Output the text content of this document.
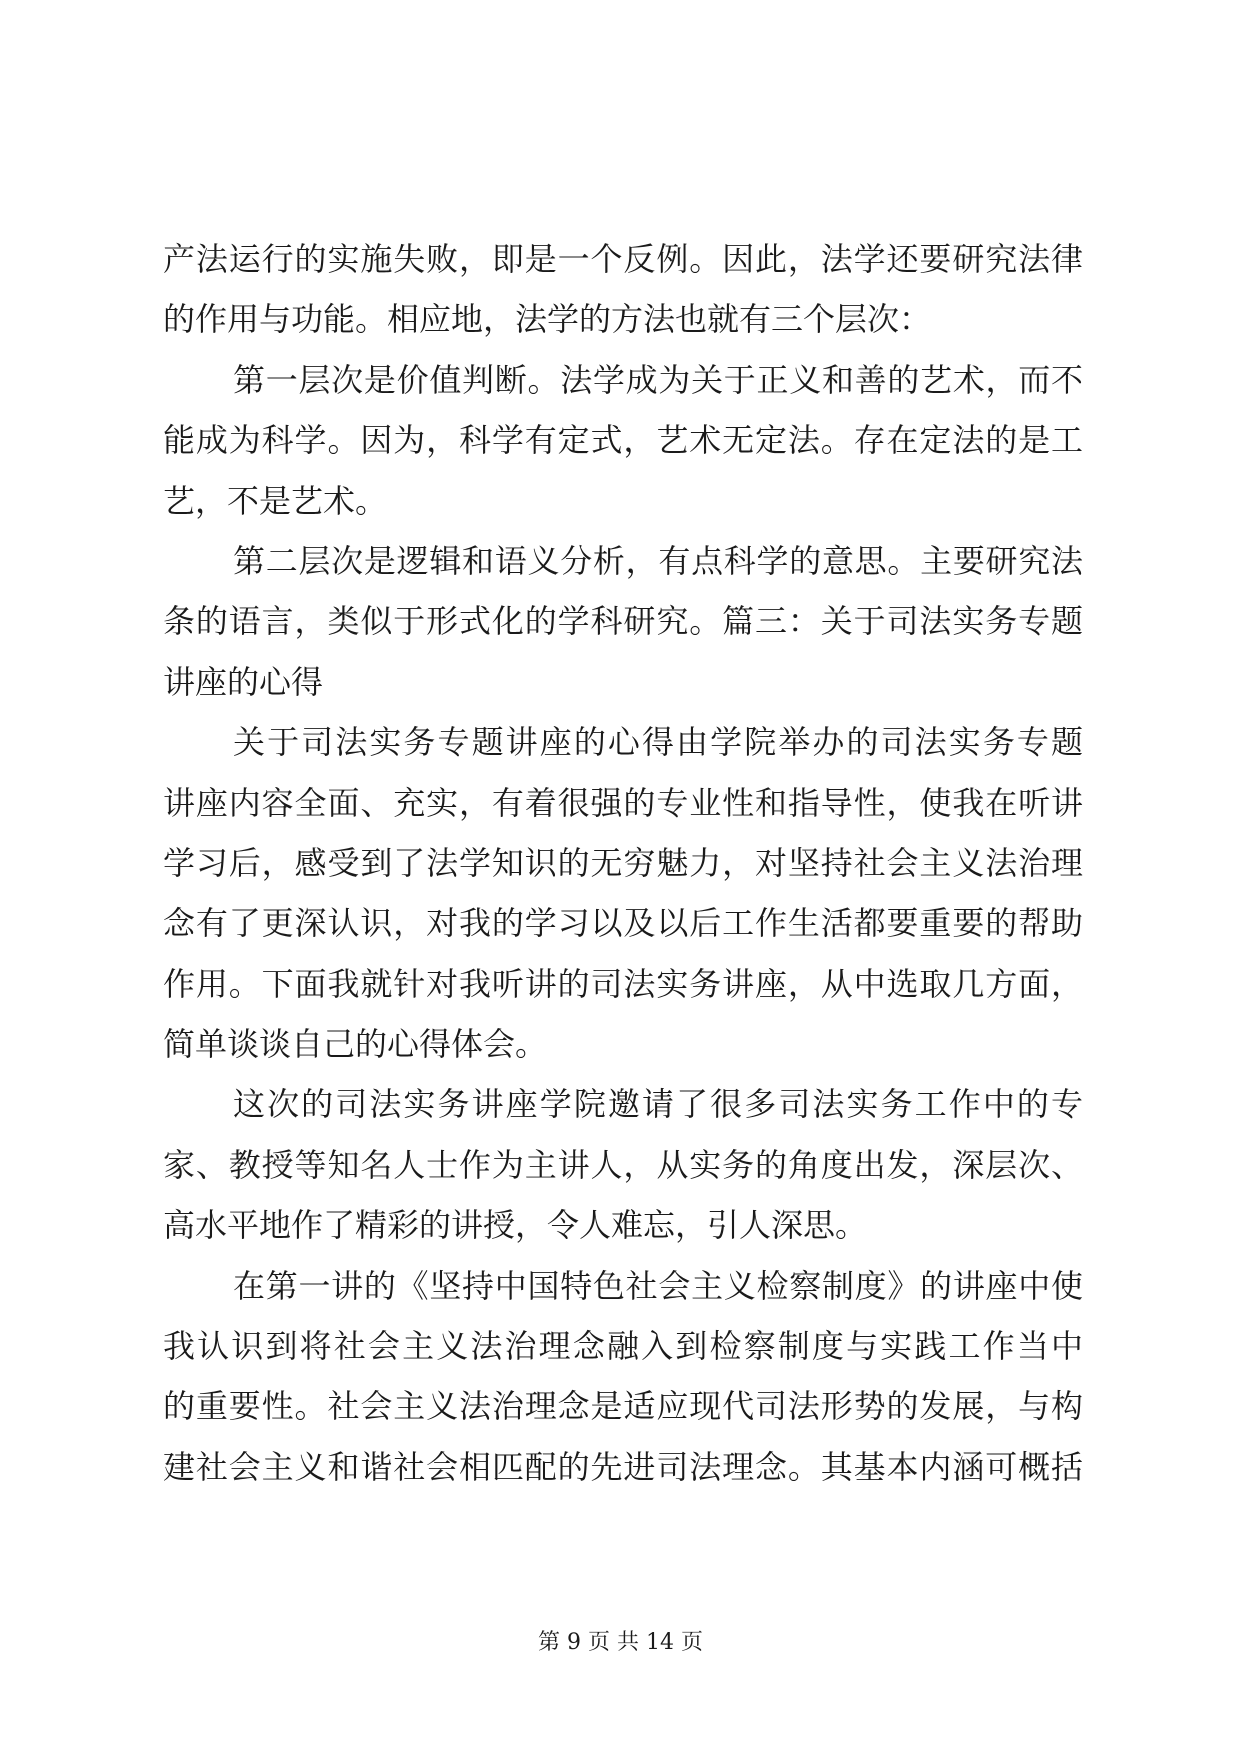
产法运行的实施失败，即是一个反例。因此，法学还要研究法律
的作用与功能。相应地，法学的方法也就有三个层次：
第一层次是价值判断。法学成为关于正义和善的艺术，而不
能成为科学。因为，科学有定式，艺术无定法。存在定法的是工
艺，不是艺术。
第二层次是逻辑和语义分析，有点科学的意思。主要研究法
条的语言，类似于形式化的学科研究。篇三：关于司法实务专题
讲座的心得
关于司法实务专题讲座的心得由学院举办的司法实务专题
讲座内容全面、充实，有着很强的专业性和指导性，使我在听讲
学习后，感受到了法学知识的无穷魅力，对坚持社会主义法治理
念有了更深认识，对我的学习以及以后工作生活都要重要的帮助
作用。下面我就针对我听讲的司法实务讲座，从中选取几方面，
简单谈谈自己的心得体会。
这次的司法实务讲座学院邀请了很多司法实务工作中的专
家、教授等知名人士作为主讲人，从实务的角度出发，深层次、
高水平地作了精彩的讲授，令人难忘，引人深思。
在第一讲的《坚持中国特色社会主义检察制度》的讲座中使
我认识到将社会主义法治理念融入到检察制度与实践工作当中
的重要性。社会主义法治理念是适应现代司法形势的发展，与构
建社会主义和谐社会相匹配的先进司法理念。其基本内涵可概括
第 9 页 共 14 页
